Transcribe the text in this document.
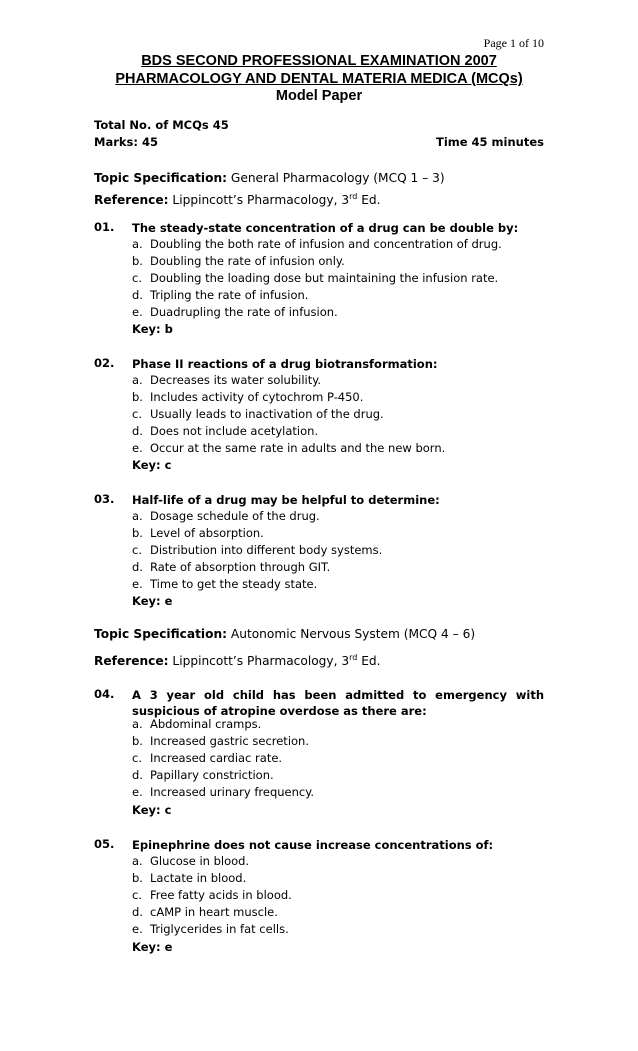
Page 1 of 10
BDS SECOND PROFESSIONAL EXAMINATION 2007
PHARMACOLOGY AND DENTAL MATERIA MEDICA (MCQs)
Model Paper
Total No. of MCQs 45
Marks: 45	Time 45 minutes
Topic Specification: General Pharmacology (MCQ 1 – 3)
Reference: Lippincott’s Pharmacology, 3rd Ed.
01. The steady-state concentration of a drug can be double by:
a. Doubling the both rate of infusion and concentration of drug.
b. Doubling the rate of infusion only.
c. Doubling the loading dose but maintaining the infusion rate.
d. Tripling the rate of infusion.
e. Duadrupling the rate of infusion.
Key: b
02. Phase II reactions of a drug biotransformation:
a. Decreases its water solubility.
b. Includes activity of cytochrom P-450.
c. Usually leads to inactivation of the drug.
d. Does not include acetylation.
e. Occur at the same rate in adults and the new born.
Key: c
03. Half-life of a drug may be helpful to determine:
a. Dosage schedule of the drug.
b. Level of absorption.
c. Distribution into different body systems.
d. Rate of absorption through GIT.
e. Time to get the steady state.
Key: e
Topic Specification: Autonomic Nervous System (MCQ 4 – 6)
Reference: Lippincott’s Pharmacology, 3rd Ed.
04. A 3 year old child has been admitted to emergency with suspicious of atropine overdose as there are:
a. Abdominal cramps.
b. Increased gastric secretion.
c. Increased cardiac rate.
d. Papillary constriction.
e. Increased urinary frequency.
Key: c
05. Epinephrine does not cause increase concentrations of:
a. Glucose in blood.
b. Lactate in blood.
c. Free fatty acids in blood.
d. cAMP in heart muscle.
e. Triglycerides in fat cells.
Key: e
